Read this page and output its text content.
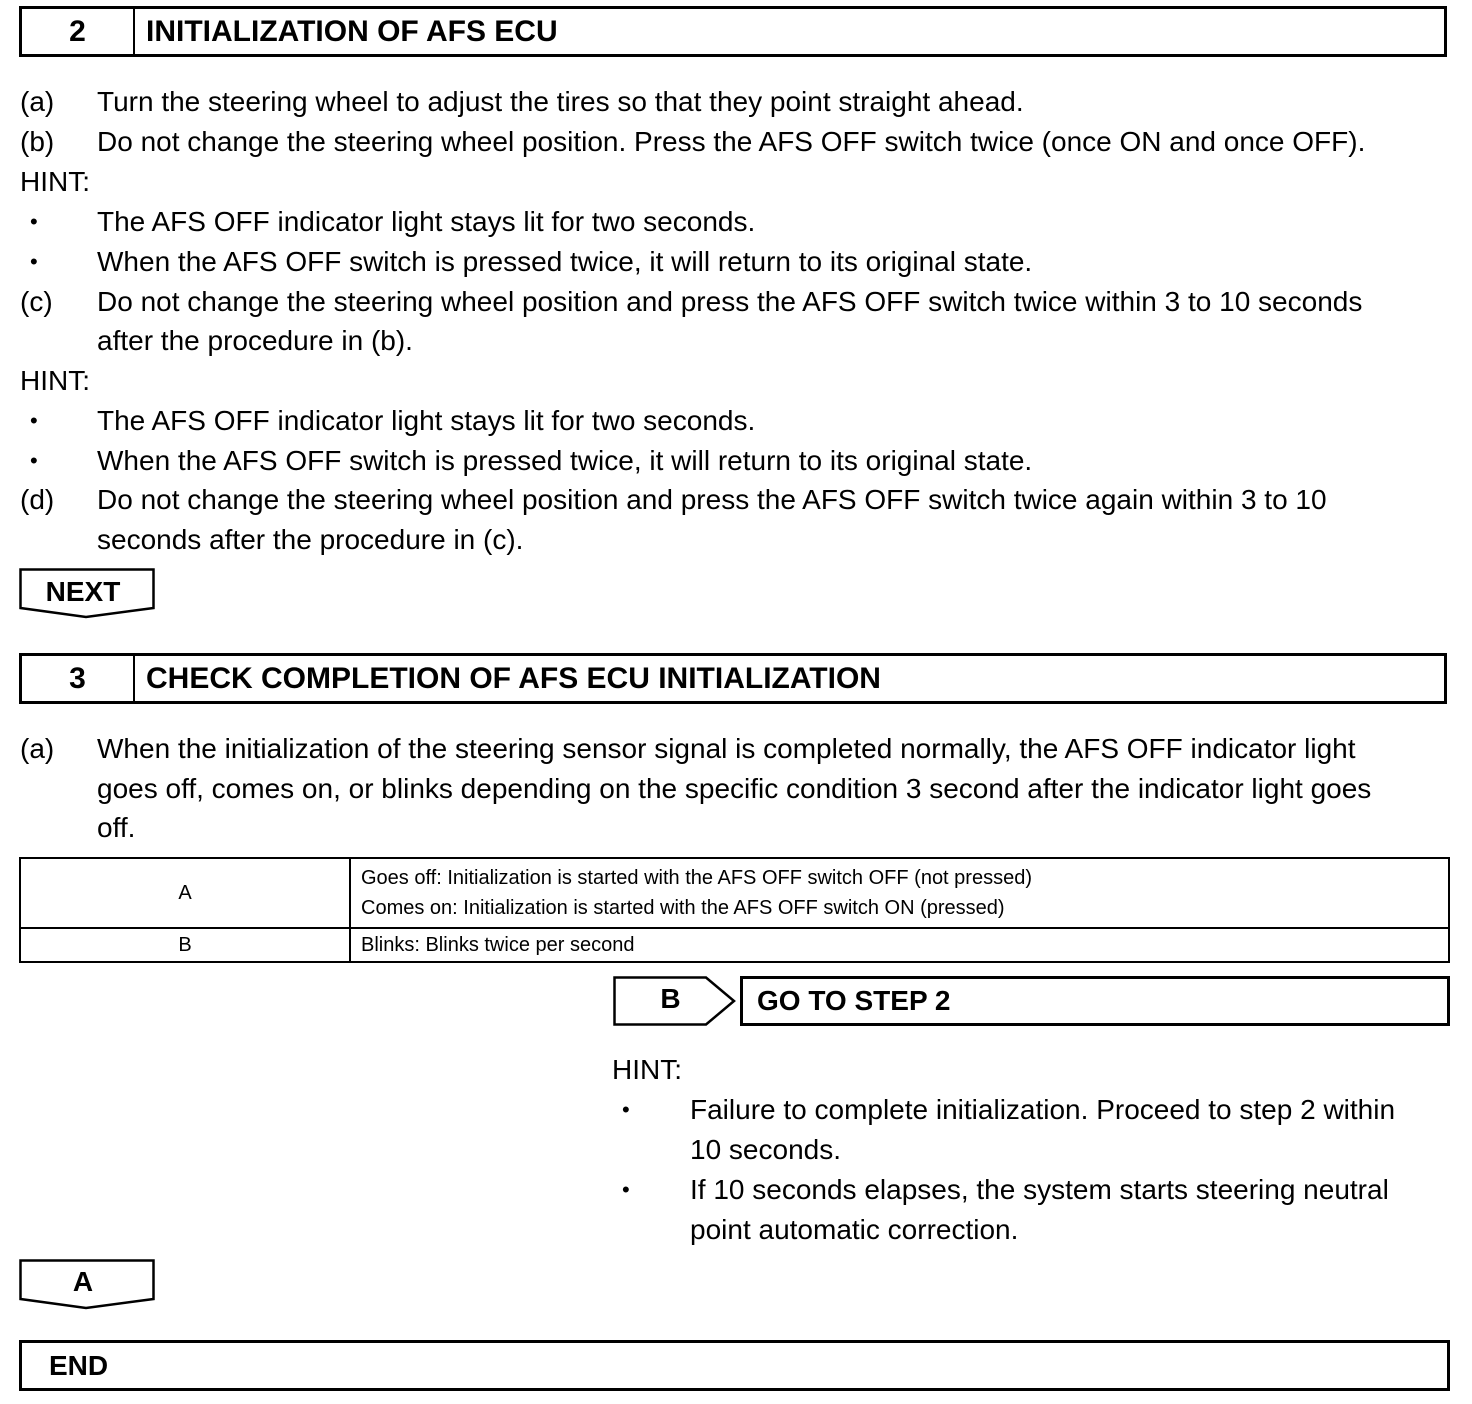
2	INITIALIZATION OF AFS ECU
(a) Turn the steering wheel to adjust the tires so that they point straight ahead.
(b) Do not change the steering wheel position. Press the AFS OFF switch twice (once ON and once OFF).
HINT:
• The AFS OFF indicator light stays lit for two seconds.
• When the AFS OFF switch is pressed twice, it will return to its original state.
(c) Do not change the steering wheel position and press the AFS OFF switch twice within 3 to 10 seconds
after the procedure in (b).
HINT:
• The AFS OFF indicator light stays lit for two seconds.
• When the AFS OFF switch is pressed twice, it will return to its original state.
(d) Do not change the steering wheel position and press the AFS OFF switch twice again within 3 to 10
seconds after the procedure in (c).
NEXT
3	CHECK COMPLETION OF AFS ECU INITIALIZATION
(a) When the initialization of the steering sensor signal is completed normally, the AFS OFF indicator light
goes off, comes on, or blinks depending on the specific condition 3 second after the indicator light goes
off.
A	Goes off: Initialization is started with the AFS OFF switch OFF (not pressed)
Comes on: Initialization is started with the AFS OFF switch ON (pressed)

B	Blinks: Blinks twice per second
B	GO TO STEP 2
HINT:
• Failure to complete initialization. Proceed to step 2 within
10 seconds.
• If 10 seconds elapses, the system starts steering neutral
point automatic correction.
A
END
